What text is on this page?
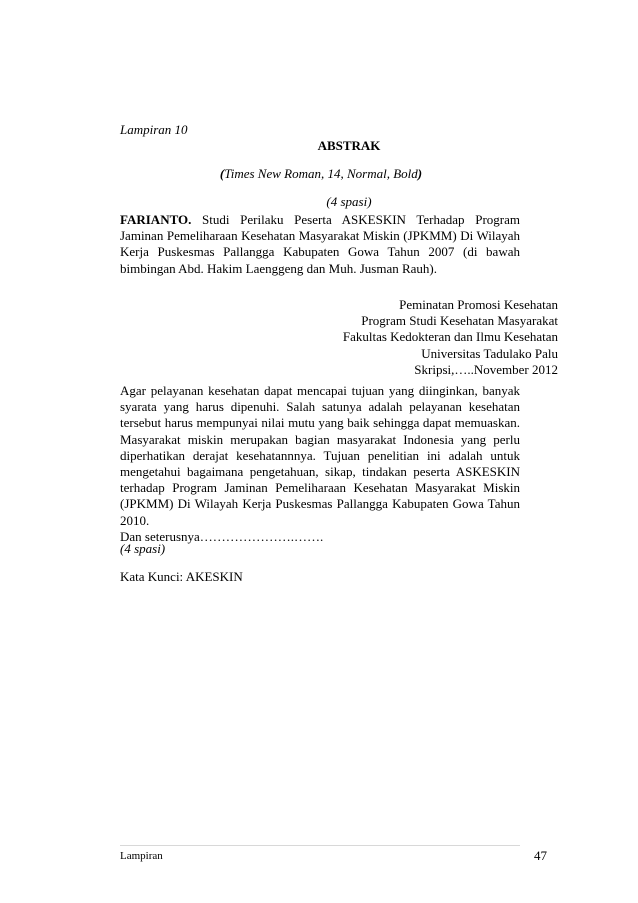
Lampiran 10
ABSTRAK
(Times New Roman, 14, Normal, Bold)
(4 spasi)
FARIANTO. Studi Perilaku Peserta ASKESKIN Terhadap Program Jaminan Pemeliharaan Kesehatan Masyarakat Miskin (JPKMM) Di Wilayah Kerja Puskesmas Pallangga Kabupaten Gowa Tahun 2007 (di bawah bimbingan Abd. Hakim Laenggeng dan Muh. Jusman Rauh).
Peminatan Promosi Kesehatan
Program Studi Kesehatan Masyarakat
Fakultas Kedokteran dan Ilmu Kesehatan
Universitas Tadulako Palu
Skripsi,…..November 2012
Agar pelayanan kesehatan dapat mencapai tujuan yang diinginkan, banyak syarata yang harus dipenuhi. Salah satunya adalah pelayanan kesehatan tersebut harus mempunyai nilai mutu yang baik sehingga dapat memuaskan. Masyarakat miskin merupakan bagian masyarakat Indonesia yang perlu diperhatikan derajat kesehatannnya. Tujuan penelitian ini adalah untuk mengetahui bagaimana pengetahuan, sikap, tindakan peserta ASKESKIN terhadap Program Jaminan Pemeliharaan Kesehatan Masyarakat Miskin (JPKMM) Di Wilayah Kerja Puskesmas Pallangga Kabupaten Gowa Tahun 2010.
Dan seterusnya………………….…….
(4 spasi)
Kata Kunci: AKESKIN
Lampiran	47
